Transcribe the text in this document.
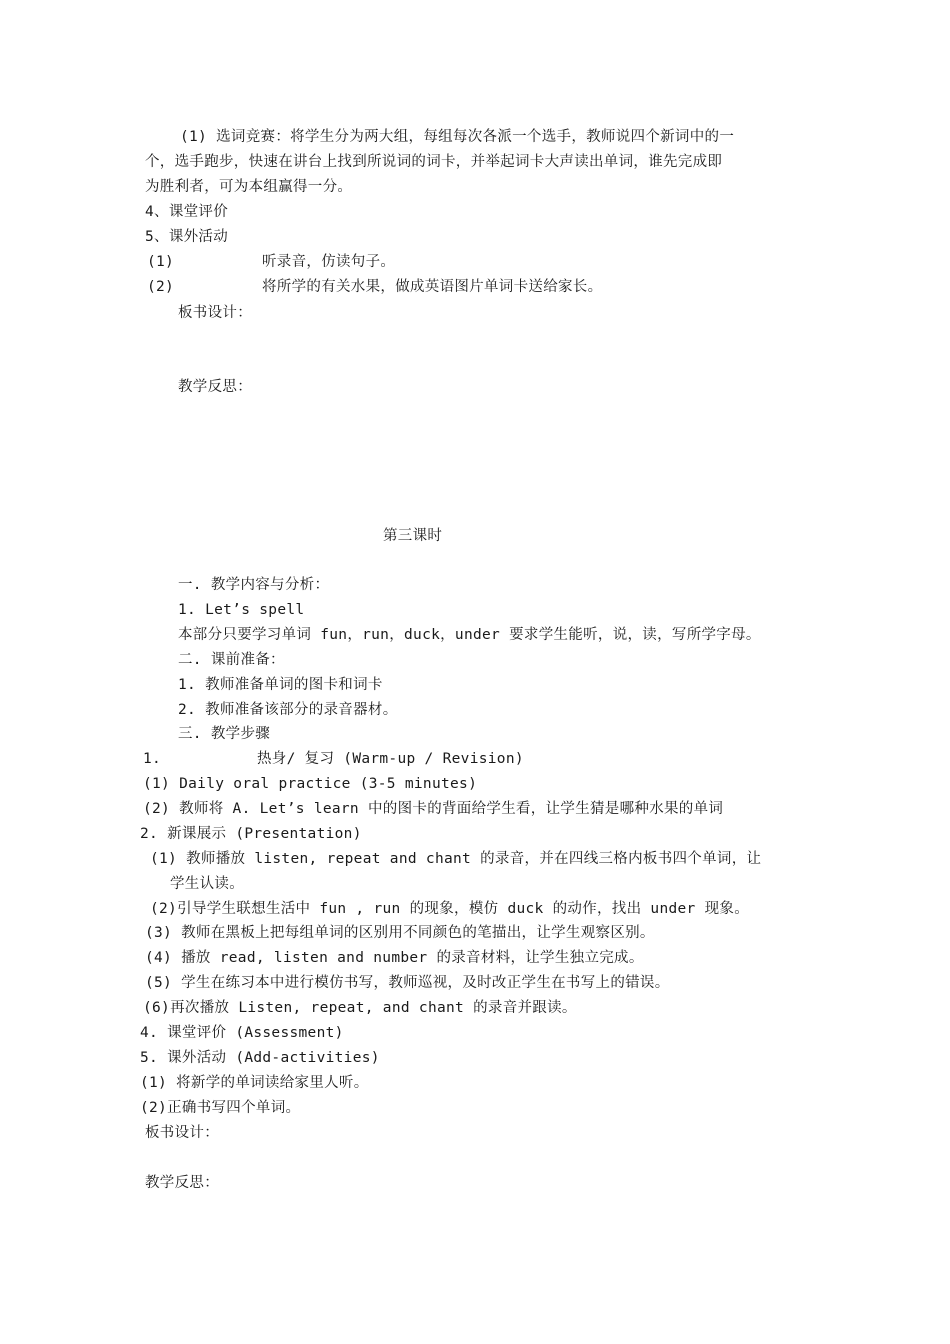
(1) 选词竞赛：将学生分为两大组，每组每次各派一个选手，教师说四个新词中的一
个，选手跑步，快速在讲台上找到所说词的词卡，并举起词卡大声读出单词，谁先完成即
为胜利者，可为本组赢得一分。
4、课堂评价
5、课外活动
(1)	听录音，仿读句子。
(2)	将所学的有关水果，做成英语图片单词卡送给家长。
板书设计：
教学反思：
第三课时
一. 教学内容与分析：
1. Let’s spell
本部分只要学习单词 fun，run，duck，under 要求学生能听，说，读，写所学字母。
二. 课前准备：
1. 教师准备单词的图卡和词卡
2. 教师准备该部分的录音器材。
三. 教学步骤
1.	热身/ 复习 (Warm-up / Revision)
(1) Daily oral practice (3-5 minutes)
(2) 教师将 A. Let’s learn 中的图卡的背面给学生看，让学生猜是哪种水果的单词
2. 新课展示 (Presentation)
(1) 教师播放 listen, repeat and chant 的录音，并在四线三格内板书四个单词，让
学生认读。
(2)引导学生联想生活中 fun , run 的现象，模仿 duck 的动作，找出 under 现象。
(3) 教师在黑板上把每组单词的区别用不同颜色的笔描出，让学生观察区别。
(4) 播放 read, listen and number 的录音材料，让学生独立完成。
(5) 学生在练习本中进行模仿书写，教师巡视，及时改正学生在书写上的错误。
(6)再次播放 Listen, repeat, and chant 的录音并跟读。
4. 课堂评价 (Assessment)
5. 课外活动 (Add-activities)
(1) 将新学的单词读给家里人听。
(2)正确书写四个单词。
板书设计：
教学反思：
